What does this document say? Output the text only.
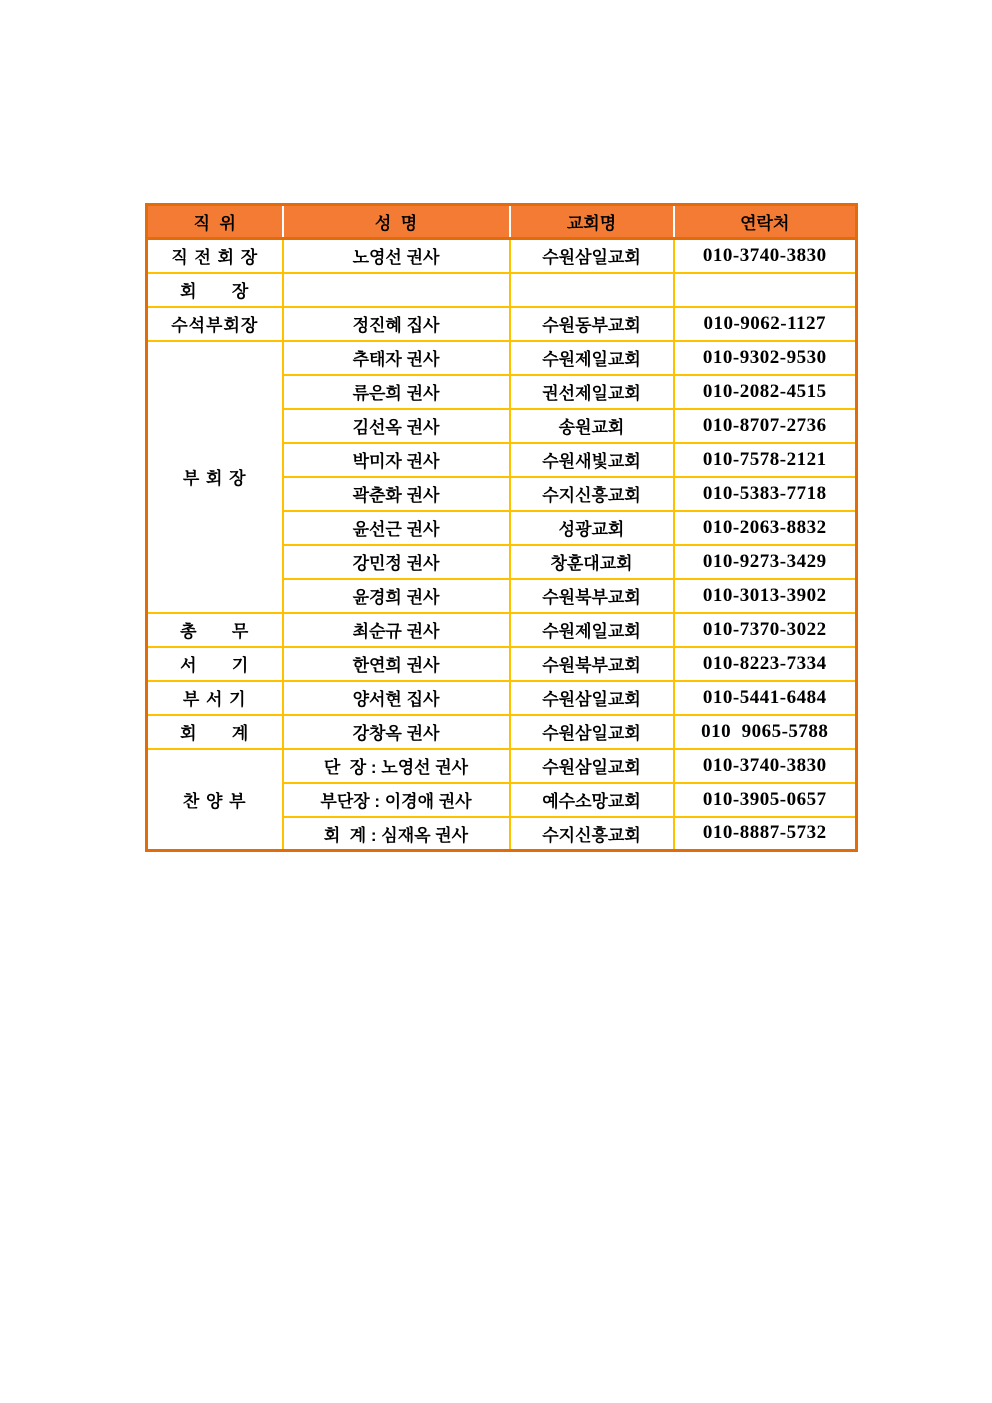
직  위	성  명	교회명	연락처
직 전 회 장	노영선 권사	수원삼일교회	010-3740-3830
회      장			
수석부회장	정진혜 집사	수원동부교회	010-9062-1127
부 회 장	추태자 권사	수원제일교회	010-9302-9530
	류은희 권사	권선제일교회	010-2082-4515
	김선옥 권사	송원교회	010-8707-2736
	박미자 권사	수원새빛교회	010-7578-2121
	곽춘화 권사	수지신흥교회	010-5383-7718
	윤선근 권사	성광교회	010-2063-8832
	강민정 권사	창훈대교회	010-9273-3429
	윤경희 권사	수원북부교회	010-3013-3902
총      무	최순규 권사	수원제일교회	010-7370-3022
서      기	한연희 권사	수원북부교회	010-8223-7334
부 서 기	양서현 집사	수원삼일교회	010-5441-6484
회      계	강창옥 권사	수원삼일교회	010  9065-5788
찬 양 부	단  장 : 노영선 권사	수원삼일교회	010-3740-3830
	부단장 : 이경애 권사	예수소망교회	010-3905-0657
	회  계 : 심재옥 권사	수지신흥교회	010-8887-5732
